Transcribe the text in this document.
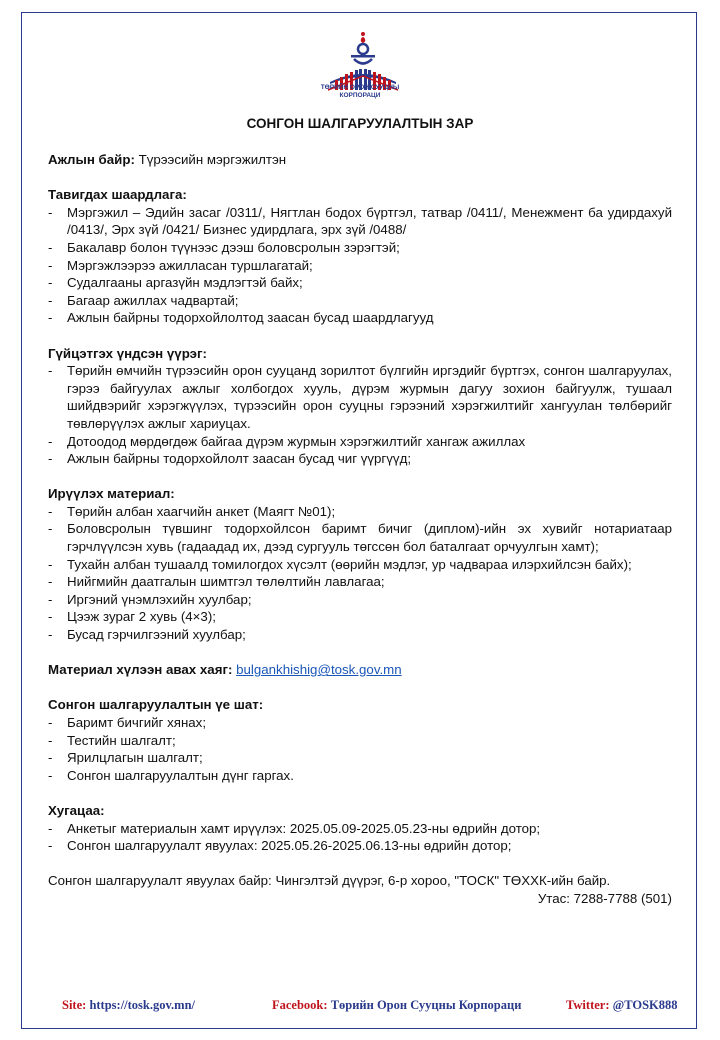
ТӨРИЙН ОРОН СУУЦНЫ
КОРПОРАЦИ
СОНГОН ШАЛГАРУУЛАЛТЫН ЗАР

Ажлын байр: Түрээсийн мэргэжилтэн

Тавигдах шаардлага:

- Мэргэжил – Эдийн засаг /0311/, Нягтлан бодох бүртгэл, татвар /0411/, Менежмент ба удирдахуй /0413/, Эрх зүй /0421/ Бизнес удирдлага, эрх зүй /0488/
- Бакалавр болон түүнээс дээш боловсролын зэрэгтэй;
- Мэргэжлээрээ ажилласан туршлагатай;
- Судалгааны аргазүйн мэдлэгтэй байх;
- Багаар ажиллах чадвартай;
- Ажлын байрны тодорхойлолтод заасан бусад шаардлагууд

Гүйцэтгэх үндсэн үүрэг:

- Төрийн өмчийн түрээсийн орон сууцанд зорилтот бүлгийн иргэдийг бүртгэх, сонгон шалгаруулах, гэрээ байгуулах ажлыг холбогдох хууль, дүрэм журмын дагуу зохион байгуулж, тушаал шийдвэрийг хэрэгжүүлэх, түрээсийн орон сууцны гэрээний хэрэгжилтийг хангуулан төлбөрийг төвлөрүүлэх ажлыг хариуцах.
- Дотоодод мөрдөгдөж байгаа дүрэм журмын хэрэгжилтийг хангаж ажиллах
- Ажлын байрны тодорхойлолт заасан бусад чиг үүргүүд;

Ирүүлэх материал:

- Төрийн албан хаагчийн анкет (Маягт №01);
- Боловсролын түвшинг тодорхойлсон баримт бичиг (диплом)-ийн эх хувийг нотариатаар гэрчлүүлсэн хувь (гадаадад их, дээд сургууль төгссөн бол баталгаат орчуулгын хамт);
- Тухайн албан тушаалд томилогдох хүсэлт (өөрийн мэдлэг, ур чадвараа илэрхийлсэн байх);
- Нийгмийн даатгалын шимтгэл төлөлтийн лавлагаа;
- Иргэний үнэмлэхийн хуулбар;
- Цээж зураг 2 хувь (4×3);
- Бусад гэрчилгээний хуулбар;

Материал хүлээн авах хаяг: bulgankhishig@tosk.gov.mn

Сонгон шалгаруулалтын үе шат:

- Баримт бичгийг хянах;
- Тестийн шалгалт;
- Ярилцлагын шалгалт;
- Сонгон шалгаруулалтын дүнг гаргах.

Хугацаа:

- Анкетыг материалын хамт ирүүлэх: 2025.05.09-2025.05.23-ны өдрийн дотор;
- Сонгон шалгаруулалт явуулах: 2025.05.26-2025.06.13-ны өдрийн дотор;

Сонгон шалгаруулалт явуулах байр: Чингэлтэй дүүрэг, 6-р хороо, "ТОСК" ТӨХХК-ийн байр.

Утас: 7288-7788 (501)

Site: https://tosk.gov.mn/	Facebook: Төрийн Орон Сууцны Корпораци	Twitter: @TOSK888
